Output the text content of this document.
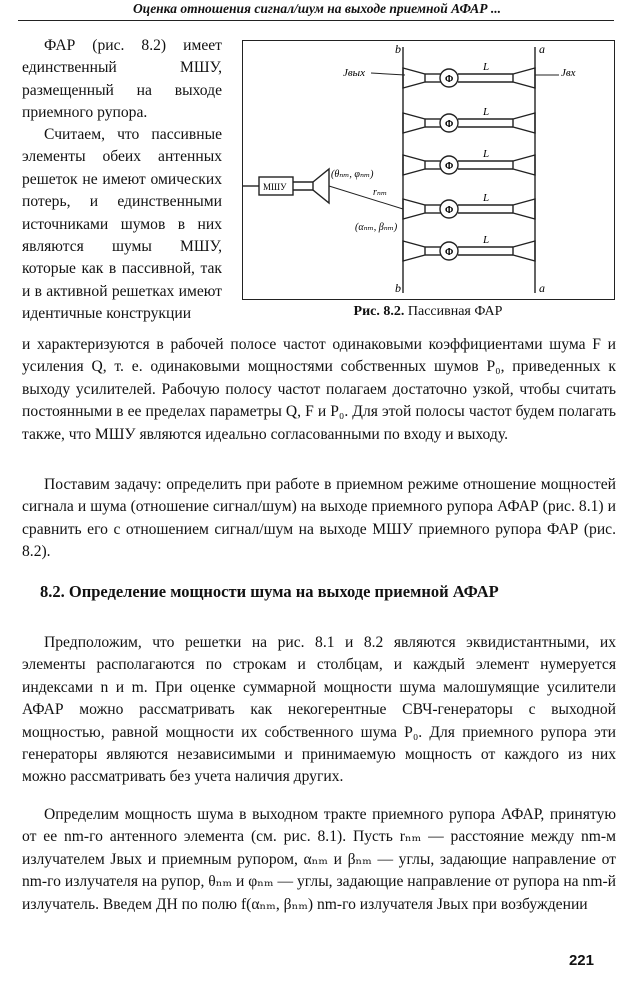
Оценка отношения сигнал/шум на выходе приемной АФАР ...

ФАР (рис. 8.2) имеет единственный МШУ, размещенный на выходе приемного рупора.

Считаем, что пассивные элементы обеих антенных решеток не имеют омических потерь, и единственными источниками шумов в них являются шумы МШУ, которые как в пассивной, так и в активной решетках имеют идентичные конструкции

и характеризуются в рабочей полосе частот одинаковыми коэффициентами шума F и усиления Q, т. е. одинаковыми мощностями собственных шумов P₀, приведенных к выходу усилителей. Рабочую полосу частот полагаем достаточно узкой, чтобы считать постоянными в ее пределах параметры Q, F и P₀. Для этой полосы частот будем полагать также, что МШУ являются идеально согласованными по входу и выходу.

Поставим задачу: определить при работе в приемном режиме отношение мощностей сигнала и шума (отношение сигнал/шум) на выходе приемного рупора АФАР (рис. 8.1) и сравнить его с отношением сигнал/шум на выходе МШУ приемного рупора ФАР (рис. 8.2).

8.2. Определение мощности шума на выходе приемной АФАР

Предположим, что решетки на рис. 8.1 и 8.2 являются эквидистантными, их элементы располагаются по строкам и столбцам, и каждый элемент нумеруется индексами n и m. При оценке суммарной мощности шума малошумящие усилители АФАР можно рассматривать как некогерентные СВЧ-генераторы с выходной мощностью, равной мощности их собственного шума P₀. Для приемного рупора эти генераторы являются независимыми и принимаемую мощность от каждого из них можно рассматривать без учета наличия других.

Определим мощность шума в выходном тракте приемного рупора АФАР, принятую от ее nm-го антенного элемента (см. рис. 8.1). Пусть rₙₘ — расстояние между nm-м излучателем Jвых и приемным рупором, αₙₘ и βₙₘ — углы, задающие направление от nm-го излучателя на рупор, θₙₘ и φₙₘ — углы, задающие направление от рупора на nm-й излучатель. Введем ДН по полю f(αₙₘ, βₙₘ) nm-го излучателя Jвых при возбуждении

b	a
b	a
Jвых	Jвх
Φ
L
Φ
L
Φ
L
Φ
L
Φ
L
МШУ
(θₙₘ, φₙₘ)
rₙₘ
(αₙₘ, βₙₘ)
Рис. 8.2. Пассивная ФАР
221
